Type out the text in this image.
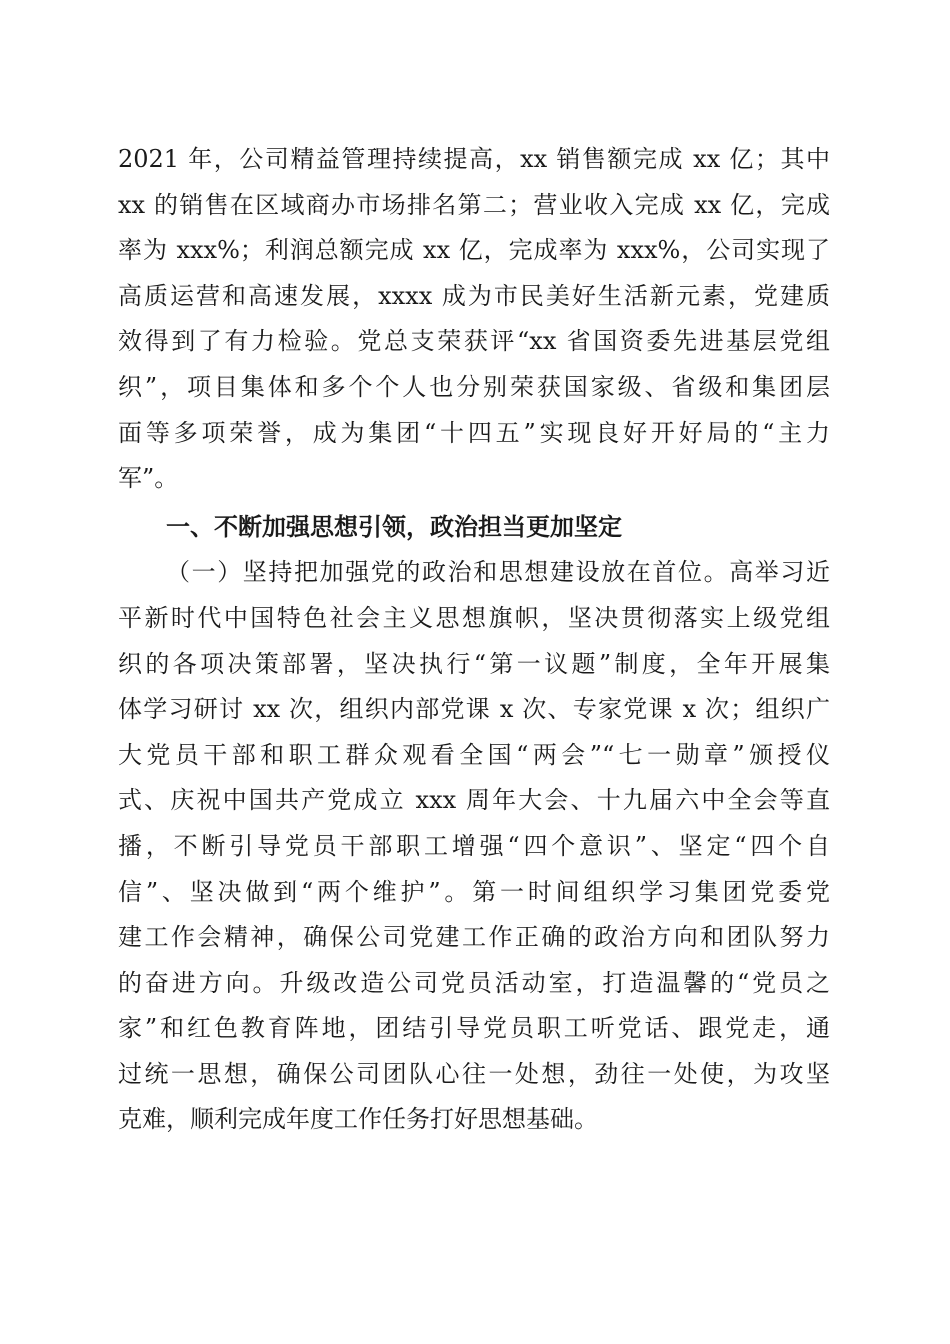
2021 年，公司精益管理持续提高，xx 销售额完成 xx 亿；其中
xx 的销售在区域商办市场排名第二；营业收入完成 xx 亿，完成
率为 xxx%；利润总额完成 xx 亿，完成率为 xxx%，公司实现了
高质运营和高速发展，xxxx 成为市民美好生活新元素，党建质
效得到了有力检验。党总支荣获评“xx 省国资委先进基层党组
织”，项目集体和多个个人也分别荣获国家级、省级和集团层
面等多项荣誉，成为集团“十四五”实现良好开好局的“主力
军”。
一、不断加强思想引领，政治担当更加坚定
（一）坚持把加强党的政治和思想建设放在首位。高举习近
平新时代中国特色社会主义思想旗帜，坚决贯彻落实上级党组
织的各项决策部署，坚决执行“第一议题”制度，全年开展集
体学习研讨 xx 次，组织内部党课 x 次、专家党课 x 次；组织广
大党员干部和职工群众观看全国“两会”“七一勋章”颁授仪
式、庆祝中国共产党成立 xxx 周年大会、十九届六中全会等直
播，不断引导党员干部职工增强“四个意识”、坚定“四个自
信”、坚决做到“两个维护”。第一时间组织学习集团党委党
建工作会精神，确保公司党建工作正确的政治方向和团队努力
的奋进方向。升级改造公司党员活动室，打造温馨的“党员之
家”和红色教育阵地，团结引导党员职工听党话、跟党走，通
过统一思想，确保公司团队心往一处想，劲往一处使，为攻坚
克难，顺利完成年度工作任务打好思想基础。
